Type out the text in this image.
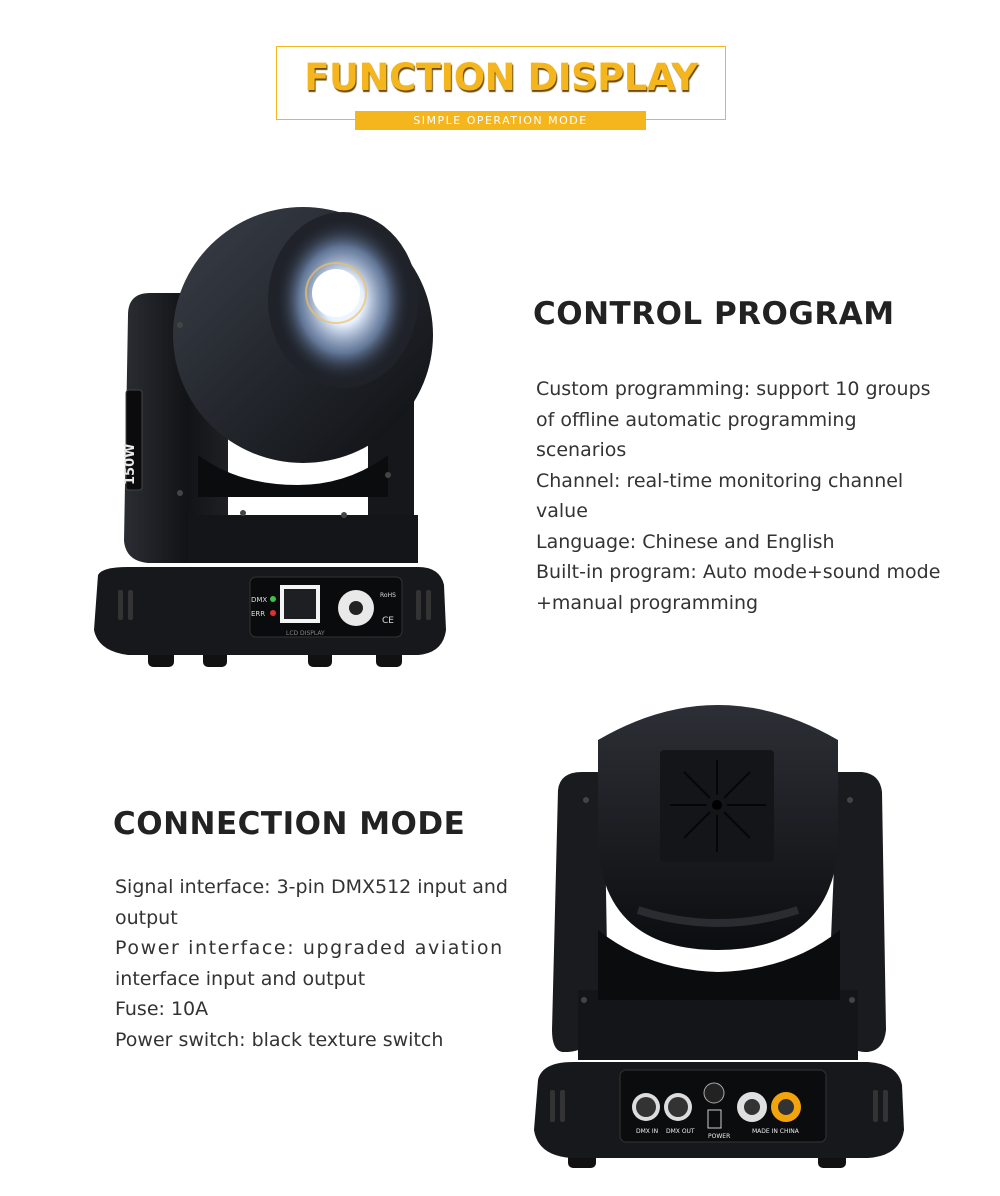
FUNCTION DISPLAY
SIMPLE OPERATION MODE
DMX
ERR
RoHS
CE
LCD DISPLAY
150W
CONTROL PROGRAM

Custom programming: support 10 groups

of offline automatic programming

scenarios

Channel: real-time monitoring channel

value

Language: Chinese and English

Built-in program: Auto mode+sound mode

+manual programming

CONNECTION MODE

Signal interface: 3-pin DMX512 input and

output

Power interface: upgraded aviation

interface input and output

Fuse: 10A

Power switch: black texture switch

DMX IN DMX OUT
POWER
MADE IN CHINA
